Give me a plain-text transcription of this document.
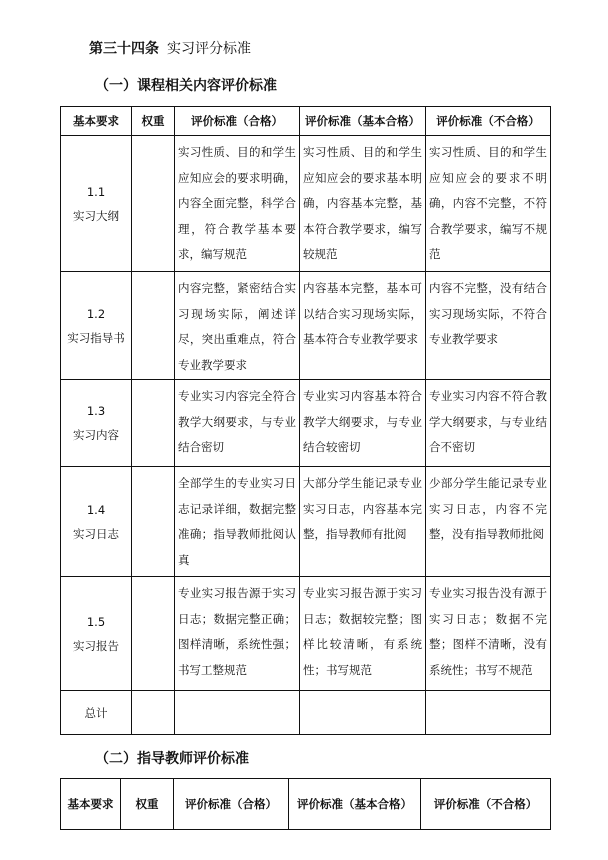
第三十四条 实习评分标准
（一）课程相关内容评价标准
基本要求	权重	评价标准（合格）	评价标准（基本合格）	评价标准（不合格）

1.1
实习大纲		实习性质、目的和学生应知应会的要求明确，内容全面完整，科学合理，符合教学基本要求，编写规范	实习性质、目的和学生应知应会的要求基本明确，内容基本完整，基本符合教学要求，编写较规范	实习性质、目的和学生应知应会的要求不明确，内容不完整，不符合教学要求，编写不规范

1.2
实习指导书		内容完整，紧密结合实习现场实际，阐述详尽，突出重难点，符合专业教学要求	内容基本完整，基本可以结合实习现场实际，基本符合专业教学要求	内容不完整，没有结合实习现场实际，不符合专业教学要求

1.3
实习内容		专业实习内容完全符合教学大纲要求，与专业结合密切	专业实习内容基本符合教学大纲要求，与专业结合较密切	专业实习内容不符合教学大纲要求，与专业结合不密切

1.4
实习日志		全部学生的专业实习日志记录详细，数据完整准确；指导教师批阅认真	大部分学生能记录专业实习日志，内容基本完整，指导教师有批阅	少部分学生能记录专业实习日志，内容不完整，没有指导教师批阅

1.5
实习报告		专业实习报告源于实习日志；数据完整正确；图样清晰，系统性强；书写工整规范	专业实习报告源于实习日志；数据较完整；图样比较清晰，有系统性；书写规范	专业实习报告没有源于实习日志；数据不完整；图样不清晰，没有系统性；书写不规范

总计				
（二）指导教师评价标准
基本要求	权重	评价标准（合格）	评价标准（基本合格）	评价标准（不合格）
